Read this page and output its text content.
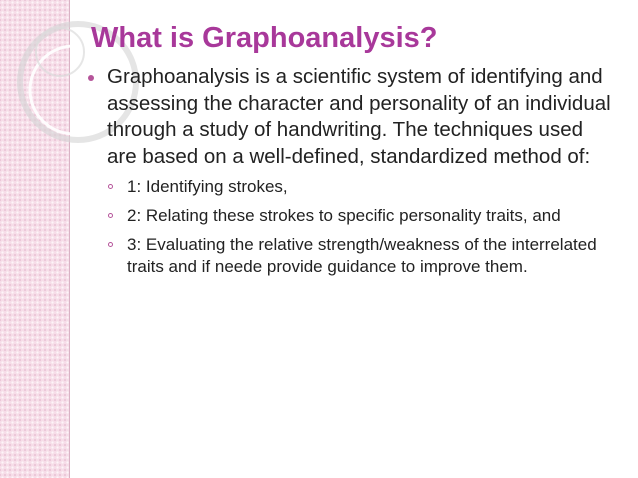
What is Graphoanalysis?
Graphoanalysis is a scientific system of identifying and assessing the character and personality of an individual through a study of handwriting. The techniques used are based on a well-defined, standardized method of:
1: Identifying strokes,
2: Relating these strokes to specific personality traits, and
3: Evaluating the relative strength/weakness of the interrelated traits and if neede provide guidance to improve them.
